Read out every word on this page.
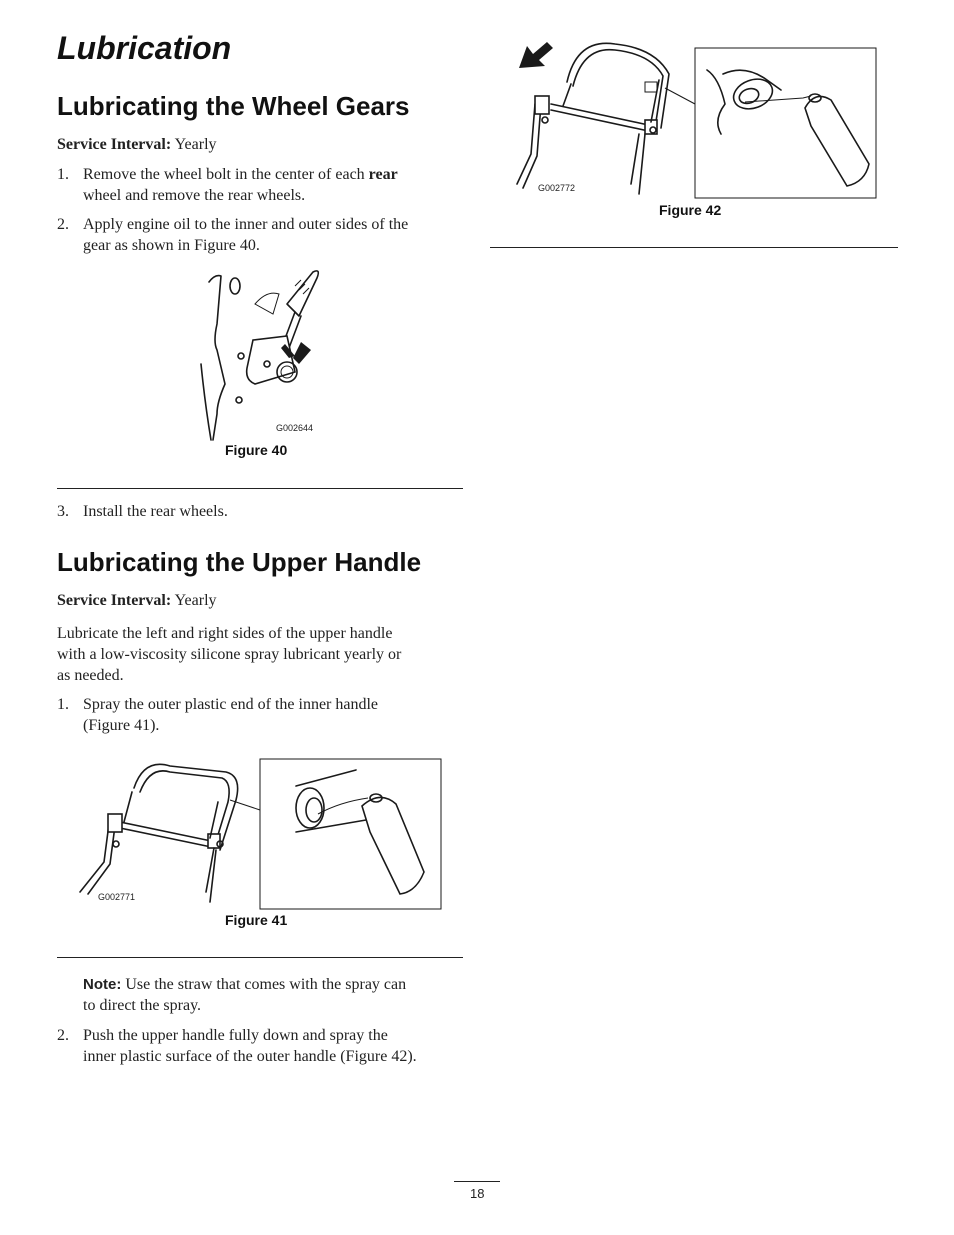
Lubrication
Lubricating the Wheel Gears
Service Interval: Yearly
1. Remove the wheel bolt in the center of each rear
wheel and remove the rear wheels.
2. Apply engine oil to the inner and outer sides of the
gear as shown in Figure 40.
G002644
Figure 40
3. Install the rear wheels.
Lubricating the Upper Handle
Service Interval: Yearly
Lubricate the left and right sides of the upper handle
with a low-viscosity silicone spray lubricant yearly or
as needed.
1. Spray the outer plastic end of the inner handle
(Figure 41).
G002771
Figure 41
Note: Use the straw that comes with the spray can
to direct the spray.
2. Push the upper handle fully down and spray the
inner plastic surface of the outer handle (Figure 42).
G002772
Figure 42
18
